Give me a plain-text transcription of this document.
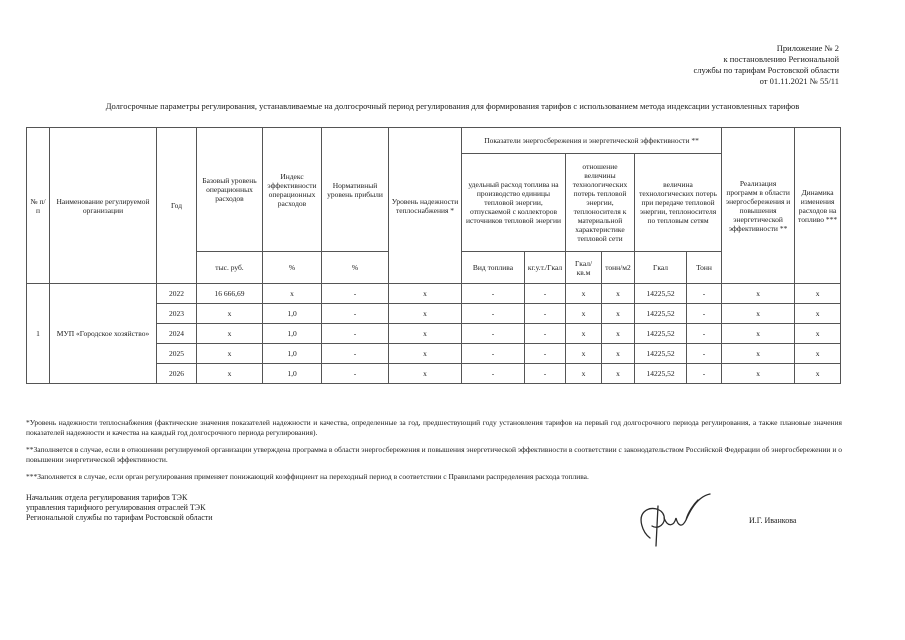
Приложение № 2
к постановлению Региональной
службы по тарифам Ростовской области
от 01.11.2021 № 55/11
Долгосрочные параметры регулирования, устанавливаемые на долгосрочный период регулирования для формирования тарифов с использованием метода индексации установленных тарифов
№ п/п	Наименование регулируемой организации	Год	Базовый уровень операционных расходов	Индекс эффективности операционных расходов	Нормативный уровень прибыли	Уровень надежности теплоснабжения *	Показатели энергосбережения и энергетической эффективности **						Реализация программ в области энергосбережения и повышения энергетической эффективности **	Динамика изменения расходов на топливо ***
							удельный расход топлива на производство единицы тепловой энергии, отпускаемой с коллекторов источников тепловой энергии		отношение величины технологических потерь тепловой энергии, теплоносителя к материальной характеристике тепловой сети		величина технологических потерь при передаче тепловой энергии, теплоносителя по тепловым сетям			
			тыс. руб.	%	%		Вид топлива	кг.у.т./Гкал	Гкал/ кв.м	тонн/м2	Гкал	Тонн		
1	МУП «Городское хозяйство»	2022	16 666,69	x	-	x	-	-	x	x	14225,52	-	x	x
		2023	x	1,0	-	x	-	-	x	x	14225,52	-	x	x
		2024	x	1,0	-	x	-	-	x	x	14225,52	-	x	x
		2025	x	1,0	-	x	-	-	x	x	14225,52	-	x	x
		2026	x	1,0	-	x	-	-	x	x	14225,52	-	x	x

*Уровень надежности теплоснабжения (фактические значения показателей надежности и качества, определенные за год, предшествующий году установления тарифов на первый год долгосрочного периода регулирования, а также плановые значения показателей надежности и качества на каждый год долгосрочного периода регулирования).

**Заполняется в случае, если в отношении регулируемой организации утверждена программа в области энергосбережения и повышения энергетической эффективности в соответствии с законодательством Российской Федерации об энергосбережении и о повышении энергетической эффективности.

***Заполняется в случае, если орган регулирования применяет понижающий коэффициент на переходный период в соответствии с Правилами распределения расхода топлива.

Начальник отдела регулирования тарифов ТЭК
управления тарифного регулирования отраслей ТЭК
Региональной службы по тарифам Ростовской области	И.Г. Иванкова
